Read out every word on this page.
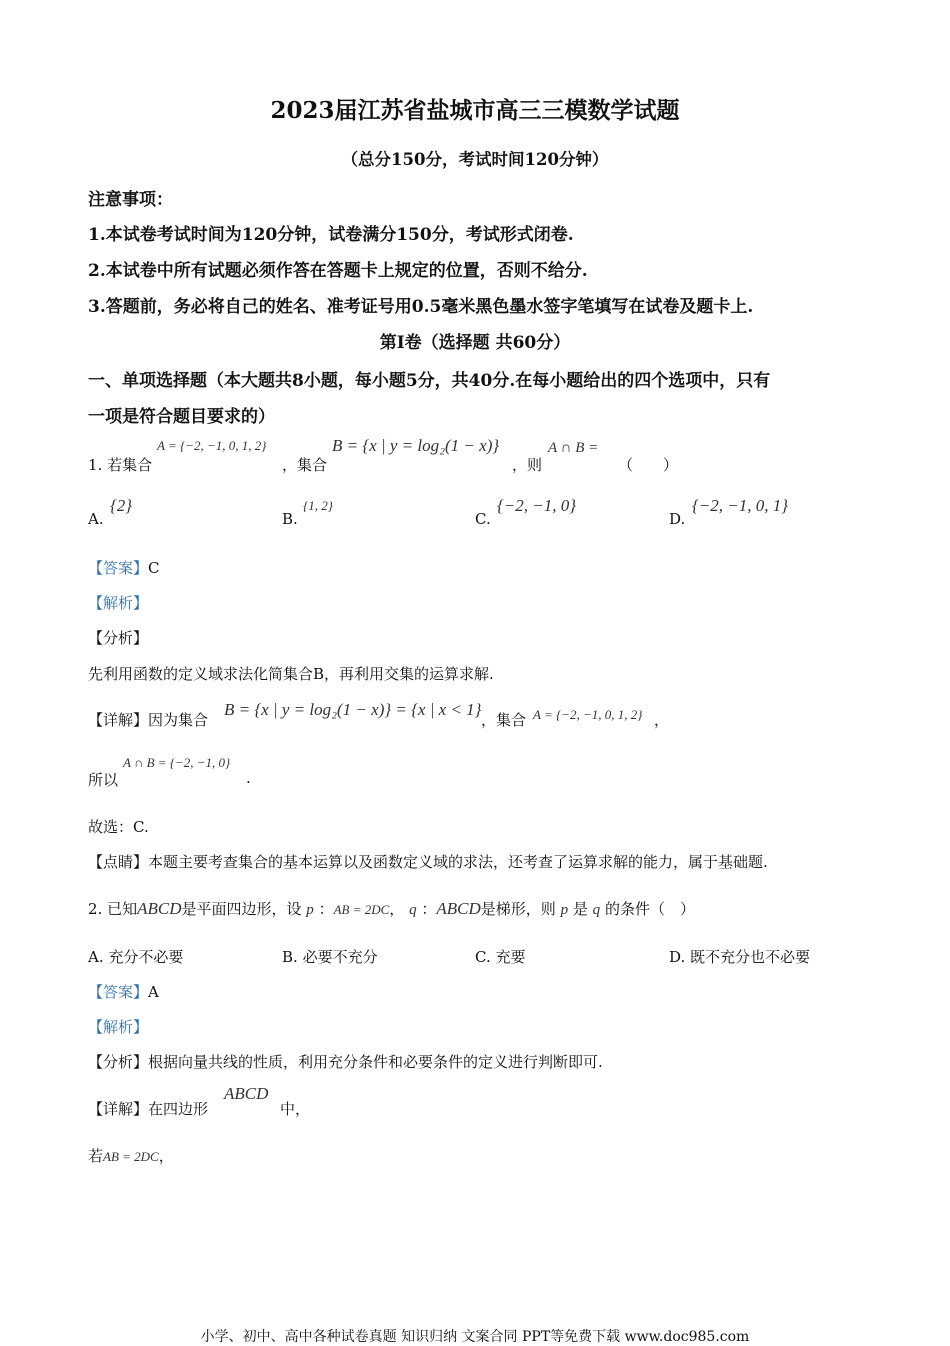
2023届江苏省盐城市高三三模数学试题
（总分150分，考试时间120分钟）
注意事项：
1.本试卷考试时间为120分钟，试卷满分150分，考试形式闭卷.
2.本试卷中所有试题必须作答在答题卡上规定的位置，否则不给分.
3.答题前，务必将自己的姓名、准考证号用0.5毫米黑色墨水签字笔填写在试卷及题卡上.
第I卷（选择题 共60分）
一、单项选择题（本大题共8小题，每小题5分，共40分.在每小题给出的四个选项中，只有
一项是符合题目要求的）
1. 若集合
A = {−2, −1, 0, 1, 2}
，集合
B = {x | y = log₂(1 − x)}
，则
A ∩ B =
（　　）
A.
{2}
B.
{1, 2}
C.
{−2, −1, 0}
D.
{−2, −1, 0, 1}
【答案】C
【解析】
【分析】
先利用函数的定义域求法化简集合B，再利用交集的运算求解.
【详解】因为集合
B = {x | y = log₂(1 − x)} = {x | x < 1}
，集合 A = {−2, −1, 0, 1, 2} ，
所以
A ∩ B = {−2, −1, 0}
.
故选：C.
【点睛】本题主要考查集合的基本运算以及函数定义域的求法，还考查了运算求解的能力，属于基础题.
2. 已知ABCD是平面四边形，设 p ：AB = 2DC， q ：ABCD是梯形，则 p 是 q 的条件（　）
A. 充分不必要	B. 必要不充分	C. 充要	D. 既不充分也不必要
【答案】A
【解析】
【分析】根据向量共线的性质，利用充分条件和必要条件的定义进行判断即可.
【详解】在四边形
ABCD
中，
若AB = 2DC，
小学、初中、高中各种试卷真题 知识归纳 文案合同 PPT等免费下载 www.doc985.com
